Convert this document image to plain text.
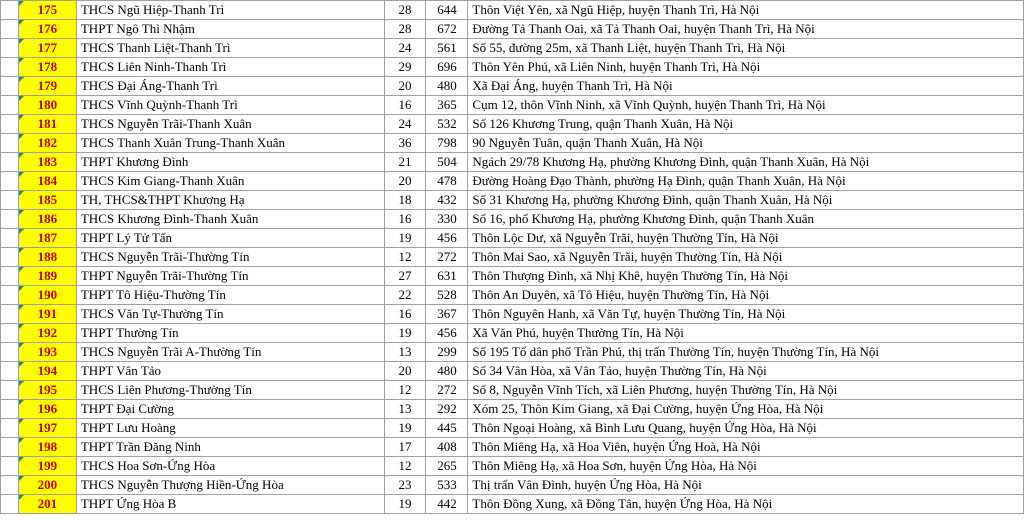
	175	THCS Ngũ Hiệp-Thanh Trì	28	644	Thôn Việt Yên, xã Ngũ Hiệp, huyện Thanh Trì, Hà Nội
	176	THPT Ngô Thì Nhậm	28	672	Đường Tả Thanh Oai, xã Tả Thanh Oai, huyện Thanh Trì, Hà Nội
	177	THCS Thanh Liệt-Thanh Trì	24	561	Số 55, đường 25m, xã Thanh Liệt, huyện Thanh Trì, Hà Nội
	178	THCS Liên Ninh-Thanh Trì	29	696	Thôn Yên Phú, xã Liên Ninh, huyện Thanh Trì, Hà Nội
	179	THCS Đại Áng-Thanh Trì	20	480	Xã Đại Áng, huyện Thanh Trì, Hà Nội
	180	THCS Vĩnh Quỳnh-Thanh Trì	16	365	Cụm 12, thôn Vĩnh Ninh, xã Vĩnh Quỳnh, huyện Thanh Trì, Hà Nội
	181	THCS Nguyễn Trãi-Thanh Xuân	24	532	Số 126 Khương Trung, quận Thanh Xuân, Hà Nội
	182	THCS Thanh Xuân Trung-Thanh Xuân	36	798	90 Nguyễn Tuân, quận Thanh Xuân, Hà Nội
	183	THPT Khương Đình	21	504	Ngách 29/78 Khương Hạ, phường Khương Đình, quận Thanh Xuân, Hà Nội
	184	THCS Kim Giang-Thanh Xuân	20	478	Đường Hoàng Đạo Thành, phường Hạ Đình, quận Thanh Xuân, Hà Nội
	185	TH, THCS&THPT Khương Hạ	18	432	Số 31 Khương Hạ, phường Khương Đình, quận Thanh Xuân, Hà Nội
	186	THCS Khương Đình-Thanh Xuân	16	330	Số 16, phố Khương Hạ, phường Khương Đình, quận Thanh Xuân
	187	THPT Lý Tử Tấn	19	456	Thôn Lộc Dư, xã Nguyễn Trãi, huyện Thường Tín, Hà Nội
	188	THCS Nguyễn Trãi-Thường Tín	12	272	Thôn Mai Sao, xã Nguyễn Trãi, huyện Thường Tín, Hà Nội
	189	THPT Nguyễn Trãi-Thường Tín	27	631	Thôn Thượng Đình, xã Nhị Khê, huyện Thường Tín, Hà Nội
	190	THPT Tô Hiệu-Thường Tín	22	528	Thôn An Duyên, xã Tô Hiệu, huyện Thường Tín, Hà Nội
	191	THCS Văn Tự-Thường Tín	16	367	Thôn Nguyên Hanh, xã Văn Tự, huyện Thường Tín, Hà Nội
	192	THPT Thường Tín	19	456	Xã Văn Phú, huyện Thường Tín, Hà Nội
	193	THCS Nguyễn Trãi A-Thường Tín	13	299	Số 195 Tổ dân phố Trần Phú, thị trấn Thường Tín, huyện Thường Tín, Hà Nội
	194	THPT Vân Tảo	20	480	Số 34 Vân Hòa, xã Vân Tảo, huyện Thường Tín, Hà Nội
	195	THCS Liên Phương-Thường Tín	12	272	Số 8, Nguyễn Vĩnh Tích, xã Liên Phương, huyện Thường Tín, Hà Nội
	196	THPT Đại Cường	13	292	Xóm 25, Thôn Kim Giang, xã Đại Cường, huyện Ứng Hòa, Hà Nội
	197	THPT Lưu Hoàng	19	445	Thôn Ngoại Hoàng, xã Bình Lưu Quang, huyện Ứng Hòa, Hà Nội
	198	THPT Trần Đăng Ninh	17	408	Thôn Miêng Hạ, xã Hoa Viên, huyện Ứng Hoà, Hà Nội
	199	THCS Hoa Sơn-Ứng Hòa	12	265	Thôn Miêng Hạ, xã Hoa Sơn, huyện Ứng Hòa, Hà Nội
	200	THCS Nguyễn Thượng Hiền-Ứng Hòa	23	533	Thị trấn Vân Đình, huyện Ứng Hòa, Hà Nội
	201	THPT Ứng Hòa B	19	442	Thôn Đồng Xung, xã Đồng Tân, huyện Ứng Hòa, Hà Nội
